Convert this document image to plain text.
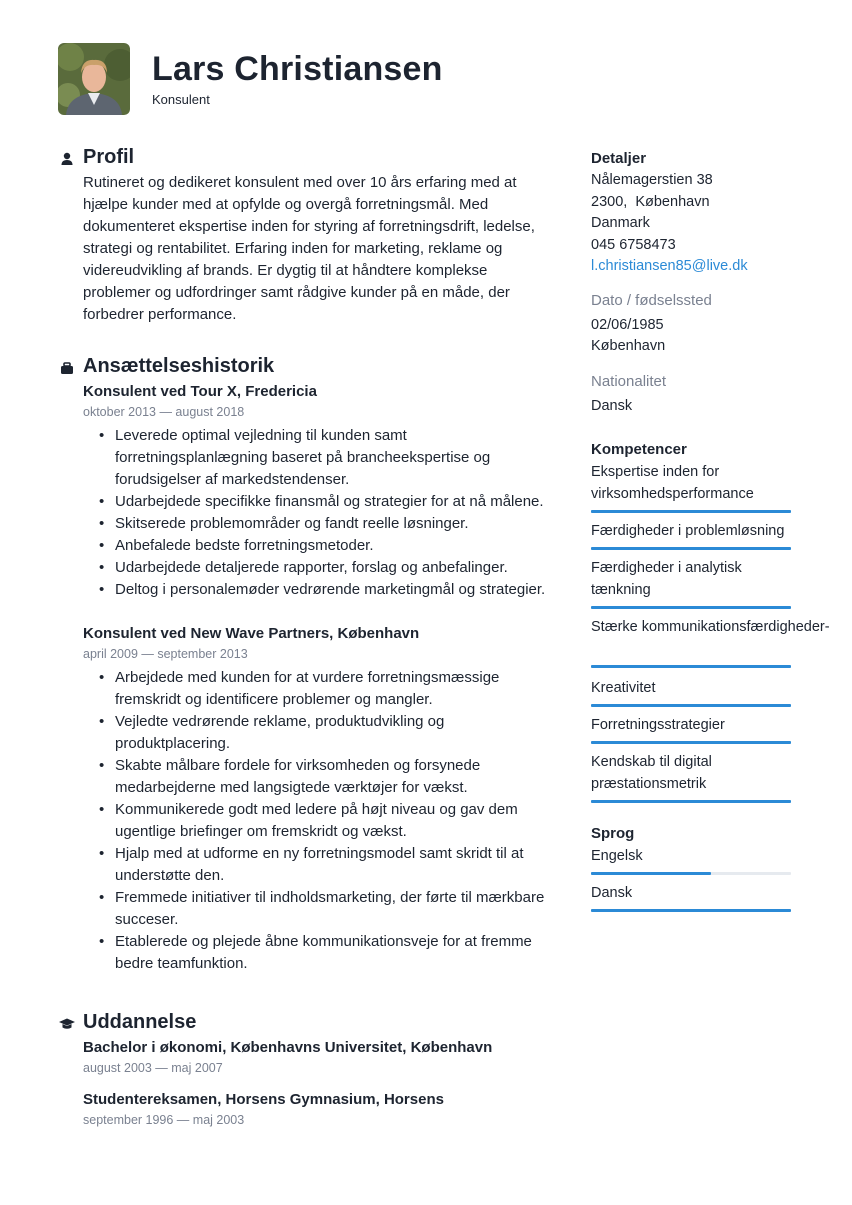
Lars Christiansen
Konsulent
Profil
Rutineret og dedikeret konsulent med over 10 års erfaring med at hjælpe kunder med at opfylde og overgå forretningsmål. Med dokumenteret ekspertise inden for styring af forretningsdrift, ledelse, strategi og rentabilitet. Erfaring inden for marketing, reklame og videreudvikling af brands. Er dygtig til at håndtere komplekse problemer og udfordringer samt rådgive kunder på en måde, der forbedrer performance.
Ansættelseshistorik
Konsulent ved Tour X, Fredericia
oktober 2013 — august 2018
• Leverede optimal vejledning til kunden samt forretningsplanlægning baseret på brancheekspertise og forudsigelser af markedstendenser.
• Udarbejdede specifikke finansmål og strategier for at nå målene.
• Skitserede problemområder og fandt reelle løsninger.
• Anbefalede bedste forretningsmetoder.
• Udarbejdede detaljerede rapporter, forslag og anbefalinger.
• Deltog i personalemøder vedrørende marketingmål og strategier.
Konsulent ved New Wave Partners, København
april 2009 — september 2013
• Arbejdede med kunden for at vurdere forretningsmæssige fremskridt og identificere problemer og mangler.
• Vejledte vedrørende reklame, produktudvikling og produktplacering.
• Skabte målbare fordele for virksomheden og forsynede medarbejderne med langsigtede værktøjer for vækst.
• Kommunikerede godt med ledere på højt niveau og gav dem ugentlige briefinger om fremskridt og vækst.
• Hjalp med at udforme en ny forretningsmodel samt skridt til at understøtte den.
• Fremmede initiativer til indholdsmarketing, der førte til mærkbare succeser.
• Etablerede og plejede åbne kommunikationsveje for at fremme bedre teamfunktion.
Uddannelse
Bachelor i økonomi, Københavns Universitet, København
august 2003 — maj 2007
Studentereksamen, Horsens Gymnasium, Horsens
september 1996 — maj 2003
Detaljer
Nålemagerstien 38
2300,  København
Danmark
045 6758473
l.christiansen85@live.dk
Dato / fødselssted
02/06/1985
København
Nationalitet
Dansk
Kompetencer
Ekspertise inden for virksomhedsperformance
Færdigheder i problemløsning
Færdigheder i analytisk tænkning
Stærke kommunikationsfærdigheder-
Kreativitet
Forretningsstrategier
Kendskab til digital præstationsmetrik
Sprog
Engelsk
Dansk
